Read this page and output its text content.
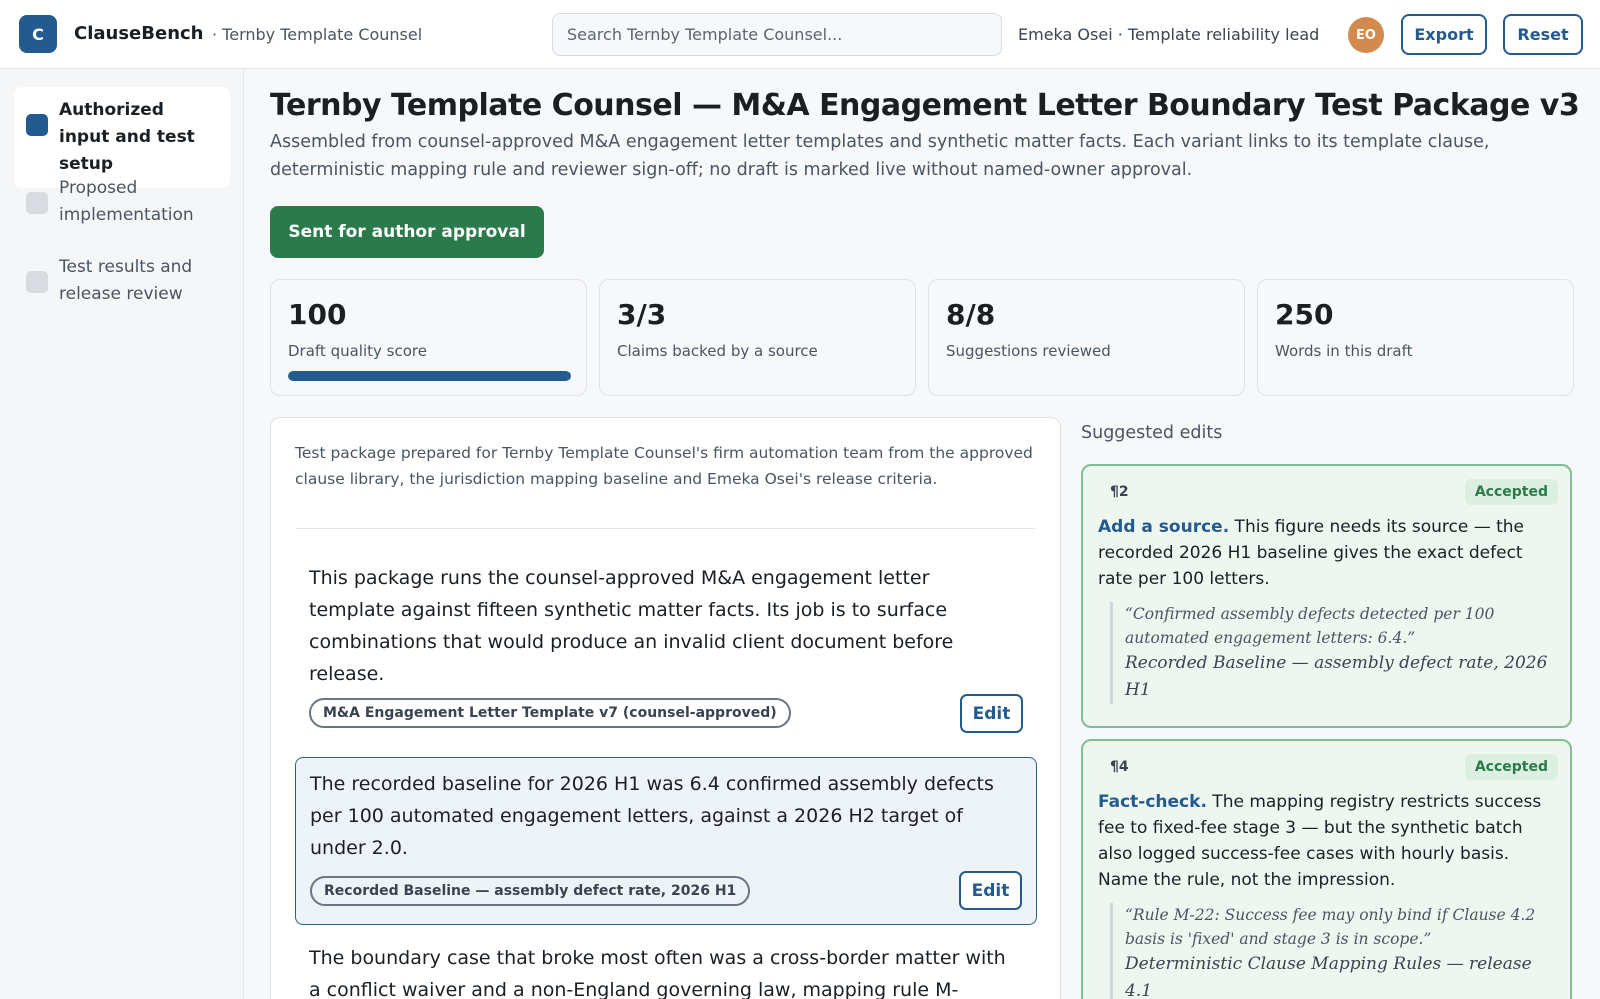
C	ClauseBench · Ternby Template Counsel
Search Ternby Template Counsel...	Emeka Osei · Template reliability lead	EO	Export	Reset
Authorized input and test setup
Proposed implementation
Test results and release review
Ternby Template Counsel — M&A Engagement Letter Boundary Test Package v3
Assembled from counsel-approved M&A engagement letter templates and synthetic matter facts. Each variant links to its template clause, deterministic mapping rule and reviewer sign-off; no draft is marked live without named-owner approval.
Sent for author approval
100
Draft quality score
3/3
Claims backed by a source
8/8
Suggestions reviewed
250
Words in this draft
Test package prepared for Ternby Template Counsel's firm automation team from the approved clause library, the jurisdiction mapping baseline and Emeka Osei's release criteria.
This package runs the counsel-approved M&A engagement letter template against fifteen synthetic matter facts. Its job is to surface combinations that would produce an invalid client document before release.
M&A Engagement Letter Template v7 (counsel-approved)	Edit
The recorded baseline for 2026 H1 was 6.4 confirmed assembly defects per 100 automated engagement letters, against a 2026 H2 target of under 2.0.
Recorded Baseline — assembly defect rate, 2026 H1	Edit
The boundary case that broke most often was a cross-border matter with a conflict waiver and a non-England governing law, mapping rule M-
Suggested edits
¶2	Accepted
Add a source. This figure needs its source — the recorded 2026 H1 baseline gives the exact defect rate per 100 letters.
“Confirmed assembly defects detected per 100 automated engagement letters: 6.4.”
Recorded Baseline — assembly defect rate, 2026 H1
¶4	Accepted
Fact-check. The mapping registry restricts success fee to fixed-fee stage 3 — but the synthetic batch also logged success-fee cases with hourly basis. Name the rule, not the impression.
“Rule M-22: Success fee may only bind if Clause 4.2 basis is 'fixed' and stage 3 is in scope.”
Deterministic Clause Mapping Rules — release 4.1
